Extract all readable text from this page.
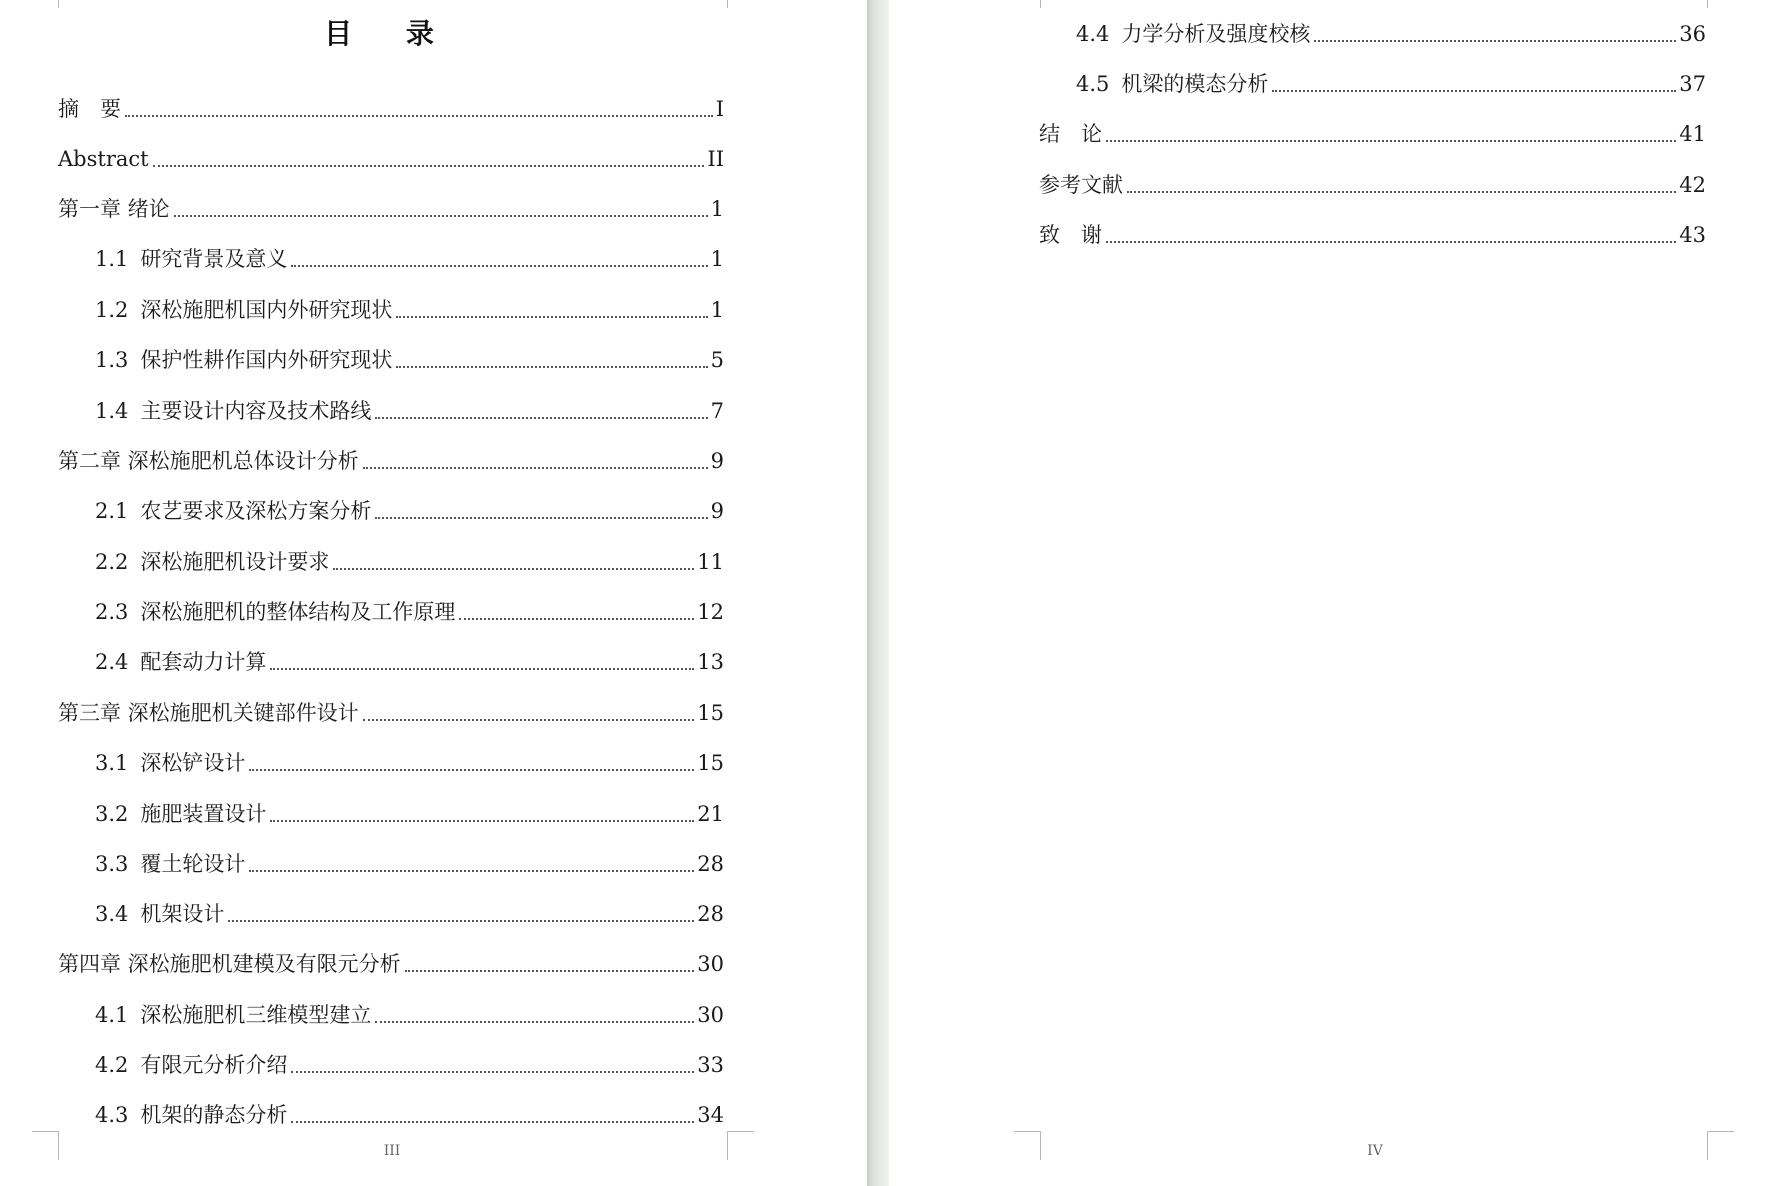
目 录
摘　要	I
Abstract	II
第一章 绪论	1
1.1 研究背景及意义	1
1.2 深松施肥机国内外研究现状	1
1.3 保护性耕作国内外研究现状	5
1.4 主要设计内容及技术路线	7
第二章 深松施肥机总体设计分析	9
2.1 农艺要求及深松方案分析	9
2.2 深松施肥机设计要求	11
2.3 深松施肥机的整体结构及工作原理	12
2.4 配套动力计算	13
第三章 深松施肥机关键部件设计	15
3.1 深松铲设计	15
3.2 施肥装置设计	21
3.3 覆土轮设计	28
3.4 机架设计	28
第四章 深松施肥机建模及有限元分析	30
4.1 深松施肥机三维模型建立	30
4.2 有限元分析介绍	33
4.3 机架的静态分析	34
III
4.4 力学分析及强度校核	36
4.5 机梁的模态分析	37
结　论	41
参考文献	42
致　谢	43
IV
